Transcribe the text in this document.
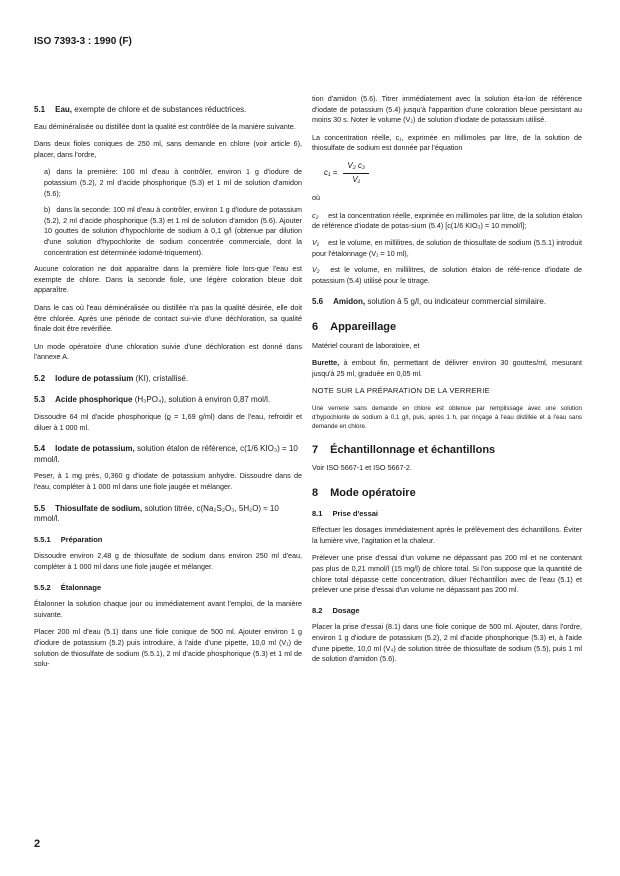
ISO 7393-3 : 1990 (F)
5.1 Eau, exempte de chlore et de substances réductrices.

Eau déminéralisée ou distillée dont la qualité est contrôlée de la manière suivante.

Dans deux fioles coniques de 250 ml, sans demande en chlore (voir article 6), placer, dans l'ordre,

a) dans la première: 100 ml d'eau à contrôler, environ 1 g d'iodure de potassium (5.2), 2 ml d'acide phosphorique (5.3) et 1 ml de solution d'amidon (5.6);
b) dans la seconde: 100 ml d'eau à contrôler, environ 1 g d'iodure de potassium (5.2), 2 ml d'acide phosphorique (5.3) et 1 ml de solution d'amidon (5.6). Ajouter 10 gouttes de solution d'hypochlorite de sodium à 0,1 g/l (obtenue par dilution d'une solution d'hypochlorite de sodium concentrée commerciale, dont la concentration est déterminée iodomé-triquement).

Aucune coloration ne doit apparaître dans la première fiole lors-que l'eau est exempte de chlore. Dans la seconde fiole, une légère coloration bleue doit apparaître.

Dans le cas où l'eau déminéralisée ou distillée n'a pas la qualité désirée, elle doit être chlorée. Après une période de contact sui-vie d'une déchloration, sa qualité finale doit être revérifiée.

Un mode opératoire d'une chloration suivie d'une déchloration est donné dans l'annexe A.

5.2 Iodure de potassium (KI), cristallisé.
5.3 Acide phosphorique (H₃PO₄), solution à environ 0,87 mol/l.

Dissoudre 64 ml d'acide phosphorique (ϱ = 1,69 g/ml) dans de l'eau, refroidir et diluer à 1 000 ml.

5.4 Iodate de potassium, solution étalon de référence, c(1/6 KIO₃) = 10 mmol/l.

Peser, à 1 mg près, 0,360 g d'iodate de potassium anhydre. Dissoudre dans de l'eau, compléter à 1 000 ml dans une fiole jaugée et mélanger.

5.5 Thiosulfate de sodium, solution titrée, c(Na₂S₂O₃, 5H₂O) ≈ 10 mmol/l.
5.5.1 Préparation

Dissoudre environ 2,48 g de thiosulfate de sodium dans environ 250 ml d'eau, compléter à 1 000 ml dans une fiole jaugée et mélanger.

5.5.2 Étalonnage

Étalonner la solution chaque jour ou immédiatement avant l'emploi, de la manière suivante.

Placer 200 ml d'eau (5.1) dans une fiole conique de 500 ml. Ajouter environ 1 g d'iodure de potassium (5.2) puis introduire, à l'aide d'une pipette, 10,0 ml (V₁) de solution de thiosulfate de sodium (5.5.1), 2 ml d'acide phosphorique (5.3) et 1 ml de solu-

tion d'amidon (5.6). Titrer immédiatement avec la solution éta-lon de référence d'iodate de potassium (5.4) jusqu'à l'apparition d'une coloration bleue persistant au moins 30 s. Noter le volume (V₂) de solution d'iodate de potassium utilisé.

La concentration réelle, c₁, exprimée en millimoles par litre, de la solution de thiosulfate de sodium est donnée par l'équation

$c_1 = \frac{\text{V₂ c₂}}{\text{V₁}}$

où

c₂ est la concentration réelle, exprimée en millimoles par litre, de la solution étalon de référence d'iodate de potas-sium (5.4) [c(1/6 KIO₃) = 10 mmol/l];
V₁ est le volume, en millilitres, de solution de thiosulfate de sodium (5.5.1) introduit pour l'étalonnage (V₁ = 10 ml),
V₂ est le volume, en millilitres, de solution étalon de réfé-rence d'iodate de potassium (5.4) utilisé pour le titrage.
5.6 Amidon, solution à 5 g/l, ou indicateur commercial similaire.
6 Appareillage

Matériel courant de laboratoire, et

Burette, à embout fin, permettant de délivrer environ 30 gouttes/ml, mesurant jusqu'à 25 ml, graduée en 0,05 ml.

NOTE SUR LA PRÉPARATION DE LA VERRERIE
Une verrerie sans demande en chlore est obtenue par remplissage avec une solution d'hypochlorite de sodium à 0,1 g/l, puis, après 1 h, par rinçage à l'eau distillée et à l'eau sans demande en chlore.
7 Échantillonnage et échantillons

Voir ISO 5667-1 et ISO 5667-2.

8 Mode opératoire
8.1 Prise d'essai

Effectuer les dosages immédiatement après le prélèvement des échantillons. Éviter la lumière vive, l'agitation et la chaleur.

Prélever une prise d'essai d'un volume ne dépassant pas 200 ml et ne contenant pas plus de 0,21 mmol/l (15 mg/l) de chlore total. Si l'on suppose que la quantité de chlore total dépasse cette concentration, diluer l'échantillon avec de l'eau (5.1) et prélever une prise d'essai d'un volume ne dépassant pas 200 ml.

8.2 Dosage

Placer la prise d'essai (8.1) dans une fiole conique de 500 ml. Ajouter, dans l'ordre, environ 1 g d'iodure de potassium (5.2), 2 ml d'acide phosphorique (5.3) et, à l'aide d'une pipette, 10,0 ml (V₄) de solution titrée de thiosulfate de sodium (5.5), puis 1 ml de solution d'amidon (5.6).

2
